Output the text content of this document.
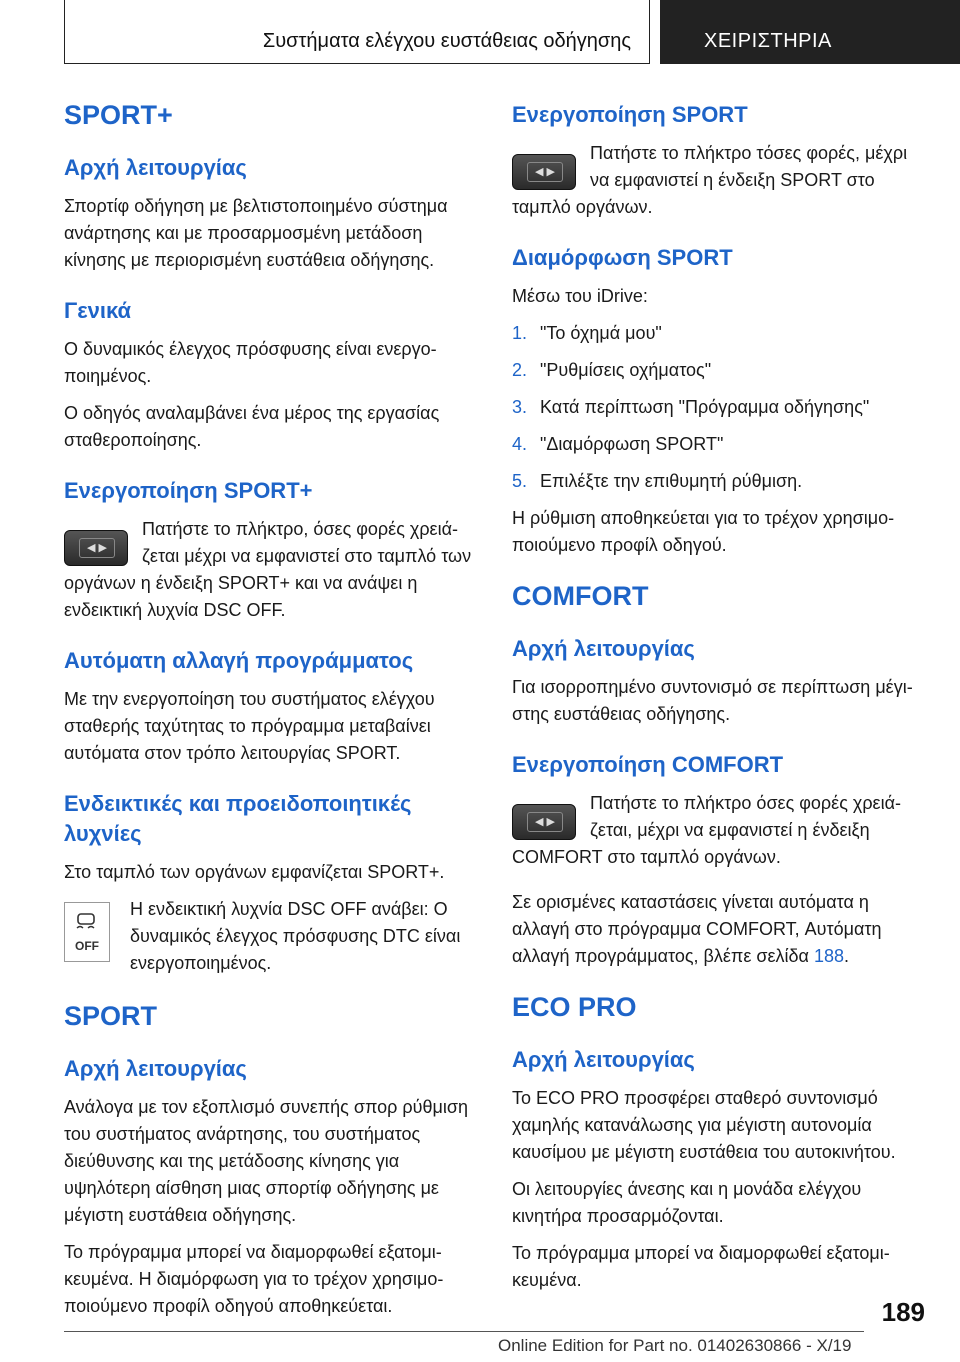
Συστήματα ελέγχου ευστάθειας οδήγησης	ΧΕΙΡΙΣΤΗΡΙΑ
SPORT+
Αρχή λειτουργίας

Σπορτίφ οδήγηση με βελτιστοποιημένο σύστημα ανάρτησης και με προσαρμοσμένη μετάδοση κίνησης με περιορισμένη ευστάθεια οδήγησης.

Γενικά

Ο δυναμικός έλεγχος πρόσφυσης είναι ενεργοποιημένος.

Ο οδηγός αναλαμβάνει ένα μέρος της εργασίας σταθεροποίησης.

Ενεργοποίηση SPORT+
◀ ▶

Πατήστε το πλήκτρο, όσες φορές χρειάζεται μέχρι να εμφανιστεί στο ταμπλό των οργάνων η ένδειξη SPORT+ και να ανάψει η ενδεικτική λυχνία DSC OFF.

Αυτόματη αλλαγή προγράμματος

Με την ενεργοποίηση του συστήματος ελέγχου σταθερής ταχύτητας το πρόγραμμα μεταβαίνει αυτόματα στον τρόπο λειτουργίας SPORT.

Ενδεικτικές και προειδοποιητικές λυχνίες

Στο ταμπλό των οργάνων εμφανίζεται SPORT+.

OFF

Η ενδεικτική λυχνία DSC OFF ανάβει: Ο δυναμικός έλεγχος πρόσφυσης DTC είναι ενεργοποιημένος.

SPORT
Αρχή λειτουργίας

Ανάλογα με τον εξοπλισμό συνεπής σπορ ρύθμιση του συστήματος ανάρτησης, του συστήματος διεύθυνσης και της μετάδοσης κίνησης για υψηλότερη αίσθηση μιας σπορτίφ οδήγησης με μέγιστη ευστάθεια οδήγησης.

Το πρόγραμμα μπορεί να διαμορφωθεί εξατομικευμένα. Η διαμόρφωση για το τρέχον χρησιμοποιούμενο προφίλ οδηγού αποθηκεύεται.

Ενεργοποίηση SPORT
◀ ▶

Πατήστε το πλήκτρο τόσες φορές, μέχρι να εμφανιστεί η ένδειξη SPORT στο ταμπλό οργάνων.

Διαμόρφωση SPORT

Μέσω του iDrive:

1. "Το όχημά μου"
2. "Ρυθμίσεις οχήματος"
3. Κατά περίπτωση "Πρόγραμμα οδήγησης"
4. "Διαμόρφωση SPORT"
5. Επιλέξτε την επιθυμητή ρύθμιση.

Η ρύθμιση αποθηκεύεται για το τρέχον χρησιμοποιούμενο προφίλ οδηγού.

COMFORT
Αρχή λειτουργίας

Για ισορροπημένο συντονισμό σε περίπτωση μέγιστης ευστάθειας οδήγησης.

Ενεργοποίηση COMFORT
◀ ▶

Πατήστε το πλήκτρο όσες φορές χρειάζεται, μέχρι να εμφανιστεί η ένδειξη COMFORT στο ταμπλό οργάνων.

Σε ορισμένες καταστάσεις γίνεται αυτόματα η αλλαγή στο πρόγραμμα COMFORT, Αυτόματη αλλαγή προγράμματος, βλέπε σελίδα 188.

ECO PRO
Αρχή λειτουργίας

Το ECO PRO προσφέρει σταθερό συντονισμό χαμηλής κατανάλωσης για μέγιστη αυτονομία καυσίμου με μέγιστη ευστάθεια του αυτοκινήτου.

Οι λειτουργίες άνεσης και η μονάδα ελέγχου κινητήρα προσαρμόζονται.

Το πρόγραμμα μπορεί να διαμορφωθεί εξατομικευμένα.

189
Online Edition for Part no. 01402630866 - X/19
